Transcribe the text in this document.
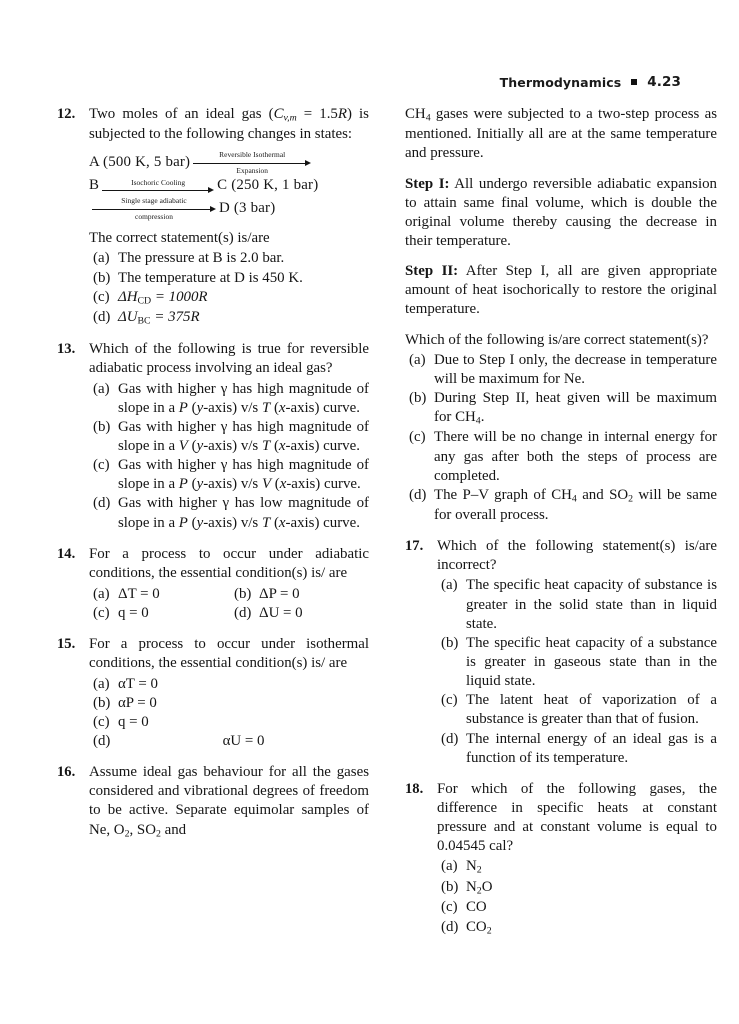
Thermodynamics 4.23
12. Two moles of an ideal gas (Cv,m = 1.5R) is subjected to the following changes in states:

A (500 K, 5 bar)	Reversible Isothermal
Expansion
B	Isochoric Cooling C (250 K, 1 bar)
Single stage adiabatic
compression	D (3 bar)

The correct statement(s) is/are

(a) The pressure at B is 2.0 bar.
(b) The temperature at D is 450 K.
(c) $\Delta H_{CD} = 1000R$
(d) $\Delta U_{BC} = 375R$
13. Which of the following is true for reversible adiabatic process involving an ideal gas?

(a) Gas with higher γ has high magnitude of slope in a P (y-axis) v/s T (x-axis) curve.
(b) Gas with higher γ has high magnitude of slope in a V (y-axis) v/s T (x-axis) curve.
(c) Gas with higher γ has high magnitude of slope in a P (y-axis) v/s V (x-axis) curve.
(d) Gas with higher γ has low magnitude of slope in a P (y-axis) v/s T (x-axis) curve.
14. For a process to occur under adiabatic conditions, the essential condition(s) is/ are

(a) ΔT = 0	(b) ΔP = 0
(c) q = 0	(d) ΔU = 0
15. For a process to occur under isothermal conditions, the essential condition(s) is/ are

(a) αT = 0
(b) αP = 0
(c) q = 0
(d)	αU = 0
16. Assume ideal gas behaviour for all the gases considered and vibrational degrees of freedom to be active. Separate equimolar samples of Ne, $O_2$, $SO_2$ and

$CH_4$ gases were subjected to a two-step process as mentioned. Initially all are at the same temperature and pressure.

Step I: All undergo reversible adiabatic expansion to attain same final volume, which is double the original volume thereby causing the decrease in their temperature.

Step II: After Step I, all are given appropriate amount of heat isochorically to restore the original temperature.

Which of the following is/are correct statement(s)?

(a) Due to Step I only, the decrease in temperature will be maximum for Ne.
(b) During Step II, heat given will be maximum for $CH_4$.
(c) There will be no change in internal energy for any gas after both the steps of process are completed.
(d) The P–V graph of $CH_4$ and $SO_2$ will be same for overall process.
17. Which of the following statement(s) is/are incorrect?

(a) The specific heat capacity of substance is greater in the solid state than in liquid state.
(b) The specific heat capacity of a substance is greater in gaseous state than in the liquid state.
(c) The latent heat of vaporization of a substance is greater than that of fusion.
(d) The internal energy of an ideal gas is a function of its temperature.
18. For which of the following gases, the difference in specific heats at constant pressure and at constant volume is equal to 0.04545 cal?

(a) $N_2$
(b) $N_2O$
(c) CO
(d) $CO_2$
